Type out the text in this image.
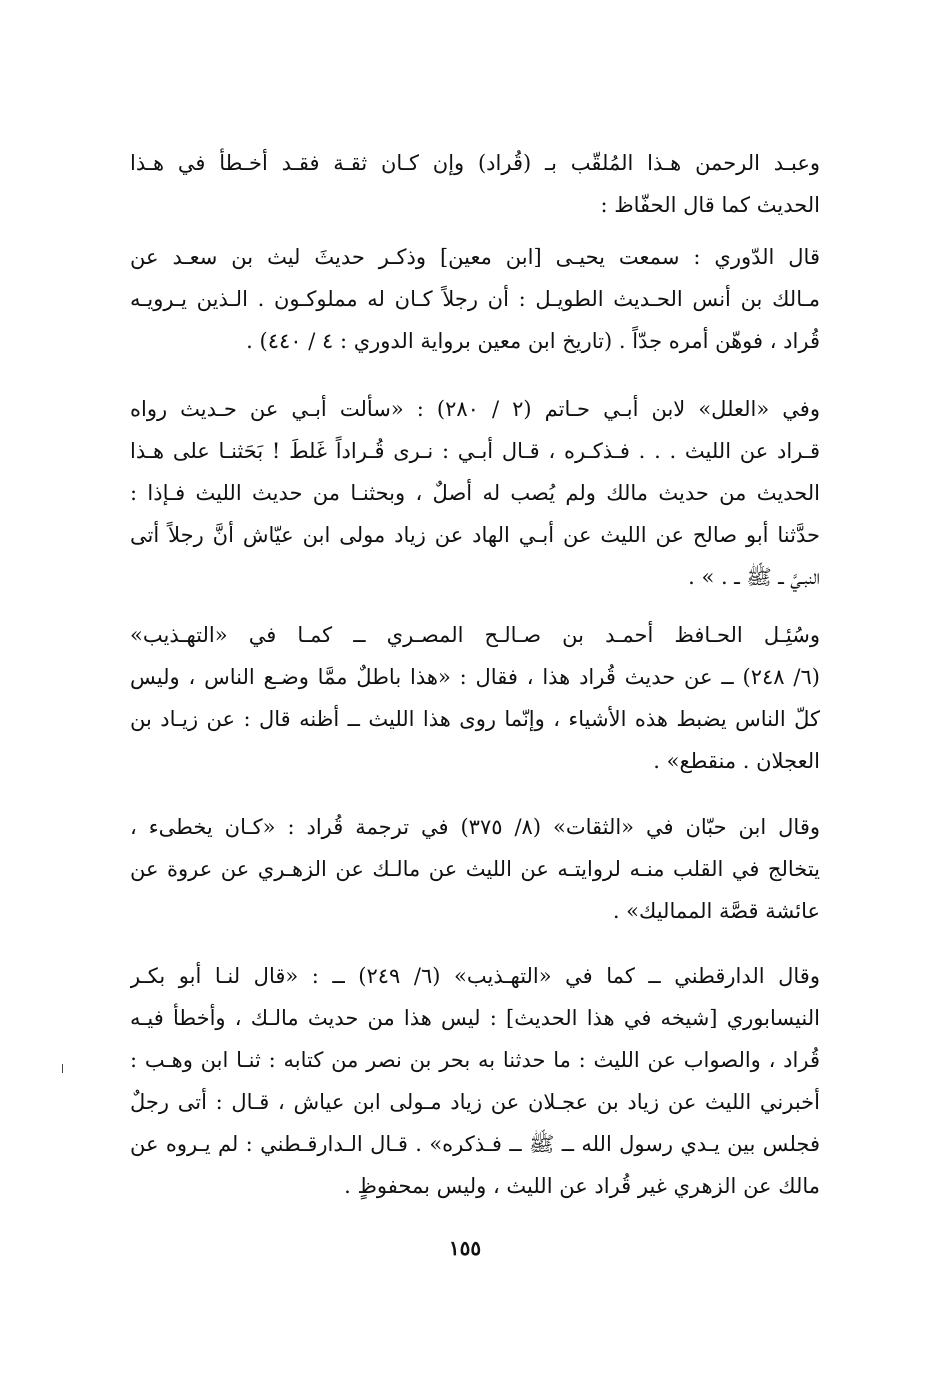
وعبـد الرحمن هـذا المُلقّب بـ (قُراد) وإن كـان ثقـة فقـد أخـطأ في هـذا
الحديث كما قال الحفّاظ :
قال الدّوري : سمعت يحيـى [ابن معين] وذكـر حديثَ ليث بن سعـد عن
مـالك بن أنس الحـديث الطويـل : أن رجلاً كـان له مملوكـون . الـذين يـرويـه
قُراد ، فوهّن أمره جدّاً . (تاريخ ابن معين برواية الدوري : ٤ / ٤٤٠) .
وفي «العلل» لابن أبـي حـاتم (٢ / ٢٨٠) : «سألت أبـي عن حـديث رواه
قـراد عن الليث . . . فـذكـره ، قـال أبـي : نـرى قُـراداً غَلطَ ! بَحَثنـا على هـذا
الحديث من حديث مالك ولم يُصب له أصلٌ ، وبحثنـا من حديث الليث فـإذا :
حدَّثنا أبو صالح عن الليث عن أبـي الهاد عن زياد مولى ابن عيّاش أنَّ رجلاً أتى
النبـيَّ ــ ﷺ ــ . » .
وسُئِـل الحـافظ أحمـد بن صـالـح المصـري ــ كمـا في «التهـذيب»
(٦/ ٢٤٨) ــ عن حديث قُراد هذا ، فقال : «هذا باطلٌ ممَّا وضـع الناس ، وليس
كلّ الناس يضبط هذه الأشياء ، وإنّما روى هذا الليث ــ أظنه قال : عن زيـاد بن
العجلان . منقطع» .
وقال ابن حبّان في «الثقات» (٨/ ٣٧٥) في ترجمة قُراد : «كـان يخطىء ،
يتخالج في القلب منـه لروايتـه عن الليث عن مالـك عن الزهـري عن عروة عن
عائشة قصَّة المماليك» .
وقال الدارقطني ــ كما في «التهـذيب» (٦/ ٢٤٩) ــ : «قال لنـا أبو بكـر
النيسابوري [شيخه في هذا الحديث] : ليس هذا من حديث مالـك ، وأخطأ فيـه
قُراد ، والصواب عن الليث : ما حدثنا به بحر بن نصر من كتابه : ثنـا ابن وهـب :
أخبرني الليث عن زياد بن عجـلان عن زياد مـولى ابن عياش ، قـال : أتى رجلٌ
فجلس بين يـدي رسول الله ــ ﷺ ــ فـذكره» . قـال الـدارقـطني : لم يـروه عن
مالك عن الزهري غير قُراد عن الليث ، وليس بمحفوظٍ .
١٥٥
